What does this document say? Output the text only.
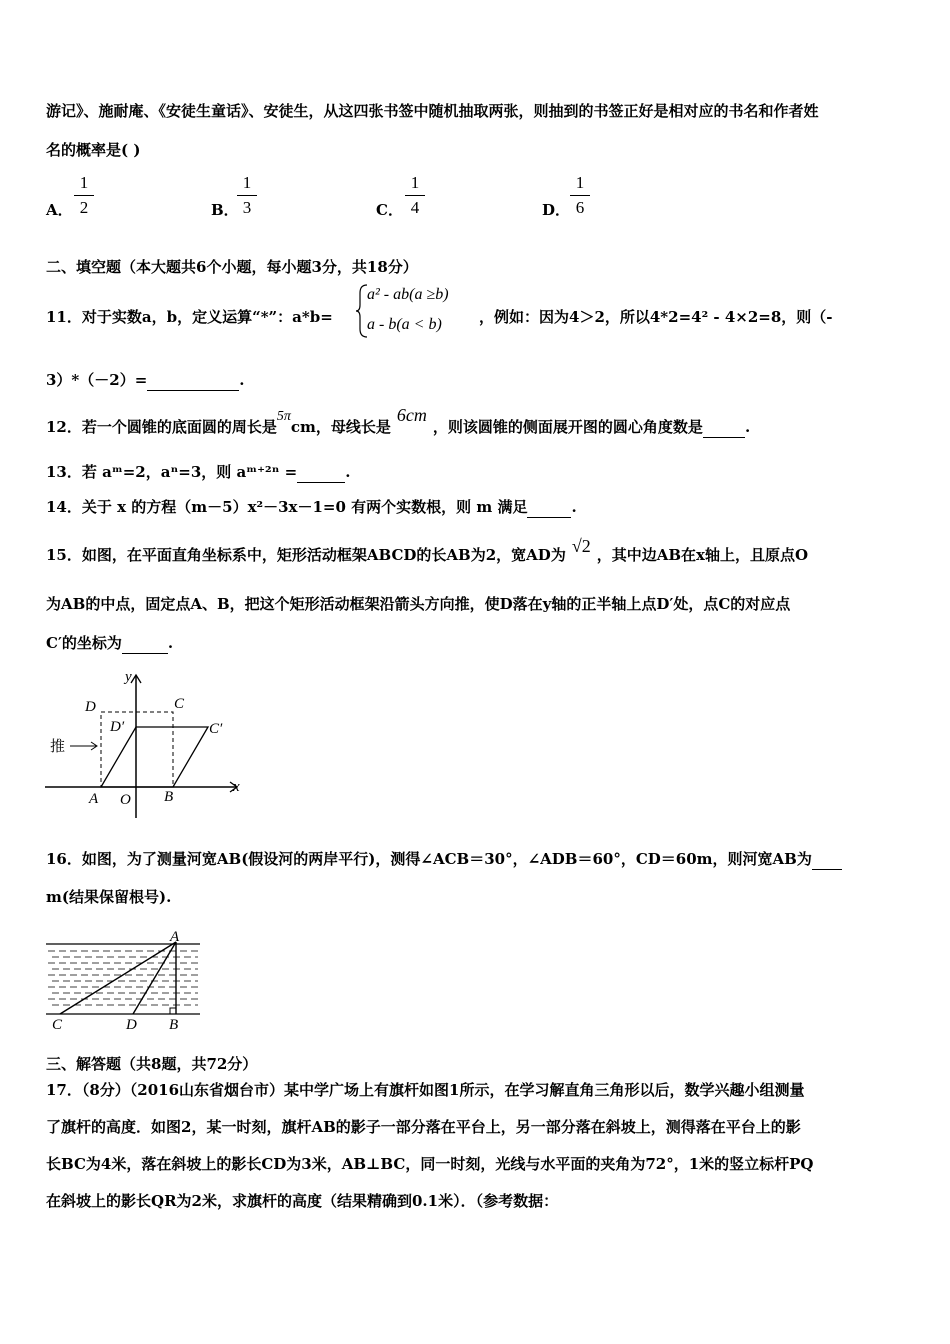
游记》、施耐庵、《安徒生童话》、安徒生，从这四张书签中随机抽取两张，则抽到的书签正好是相对应的书名和作者姓
名的概率是( )
A．
1
2	B．
1
3	C．
1
4	D．
1
6
二、填空题（本大题共6个小题，每小题3分，共18分）
11．对于实数a，b，定义运算“*”：a*b=
a² - ab(a ≥b)
a - b(a < b) ，例如：因为4＞2，所以4*2=4² - 4×2=8，则（-
3）*（－2）=	.
12．若一个圆锥的底面圆的周长是5πcm，母线长是6cm，则该圆锥的侧面展开图的圆心角度数是	.
13．若 aᵐ=2，aⁿ=3，则 aᵐ⁺²ⁿ =	.
14．关于 x 的方程（m－5）x²－3x－1=0 有两个实数根，则 m 满足	.
15．如图，在平面直角坐标系中，矩形活动框架ABCD的长AB为2，宽AD为 √2 ，其中边AB在x轴上，且原点O
为AB的中点，固定点A、B，把这个矩形活动框架沿箭头方向推，使D落在y轴的正半轴上点D′处，点C的对应点
C′的坐标为	.
y
x
D	C
D′	C′
推
A O B
16．如图，为了测量河宽AB(假设河的两岸平行)，测得∠ACB＝30°，∠ADB＝60°，CD＝60m，则河宽AB为
m(结果保留根号).
A
C	D B
三、解答题（共8题，共72分）
17．（8分）（2016山东省烟台市）某中学广场上有旗杆如图1所示，在学习解直角三角形以后，数学兴趣小组测量
了旗杆的高度．如图2，某一时刻，旗杆AB的影子一部分落在平台上，另一部分落在斜坡上，测得落在平台上的影
长BC为4米，落在斜坡上的影长CD为3米，AB⊥BC，同一时刻，光线与水平面的夹角为72°，1米的竖立标杆PQ
在斜坡上的影长QR为2米，求旗杆的高度（结果精确到0.1米）．（参考数据：
